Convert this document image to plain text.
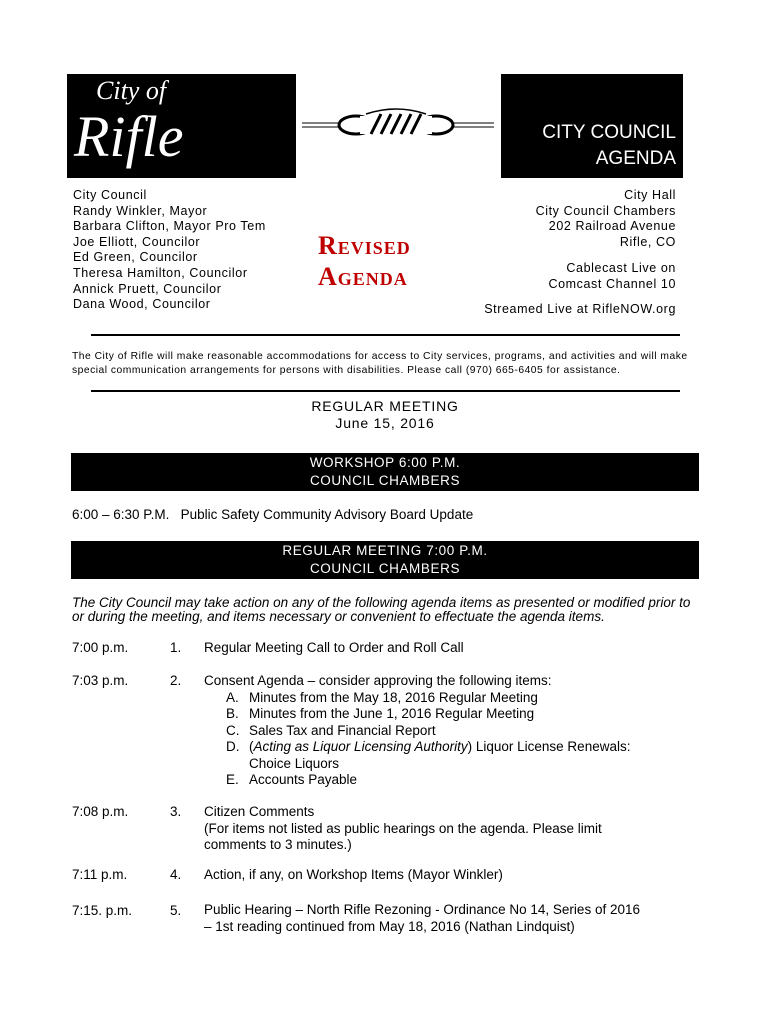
City of
Rifle	CITY COUNCIL
AGENDA
City Council
Randy Winkler, Mayor
Barbara Clifton, Mayor Pro Tem
Joe Elliott, Councilor
Ed Green, Councilor
Theresa Hamilton, Councilor
Annick Pruett, Councilor
Dana Wood, Councilor
Revised
Agenda
City Hall
City Council Chambers
202 Railroad Avenue
Rifle, CO
Cablecast Live on
Comcast Channel 10
Streamed Live at RifleNOW.org
The City of Rifle will make reasonable accommodations for access to City services, programs, and activities and will make special communication arrangements for persons with disabilities. Please call (970) 665-6405 for assistance.
REGULAR MEETING
June 15, 2016
WORKSHOP 6:00 P.M.
COUNCIL CHAMBERS
6:00 – 6:30 P.M.   Public Safety Community Advisory Board Update
REGULAR MEETING 7:00 P.M.
COUNCIL CHAMBERS
The City Council may take action on any of the following agenda items as presented or modified prior to or during the meeting, and items necessary or convenient to effectuate the agenda items.
7:00 p.m.	1. Regular Meeting Call to Order and Roll Call
7:03 p.m.	2. Consent Agenda – consider approving the following items:
A. Minutes from the May 18, 2016 Regular Meeting
B. Minutes from the June 1, 2016 Regular Meeting
C. Sales Tax and Financial Report
D. (Acting as Liquor Licensing Authority) Liquor License Renewals:
Choice Liquors
E. Accounts Payable
7:08 p.m.	3. Citizen Comments
(For items not listed as public hearings on the agenda. Please limit
comments to 3 minutes.)
7:11 p.m.	4. Action, if any, on Workshop Items (Mayor Winkler)
7:15. p.m.	5. Public Hearing – North Rifle Rezoning - Ordinance No 14, Series of 2016
– 1st reading continued from May 18, 2016 (Nathan Lindquist)
